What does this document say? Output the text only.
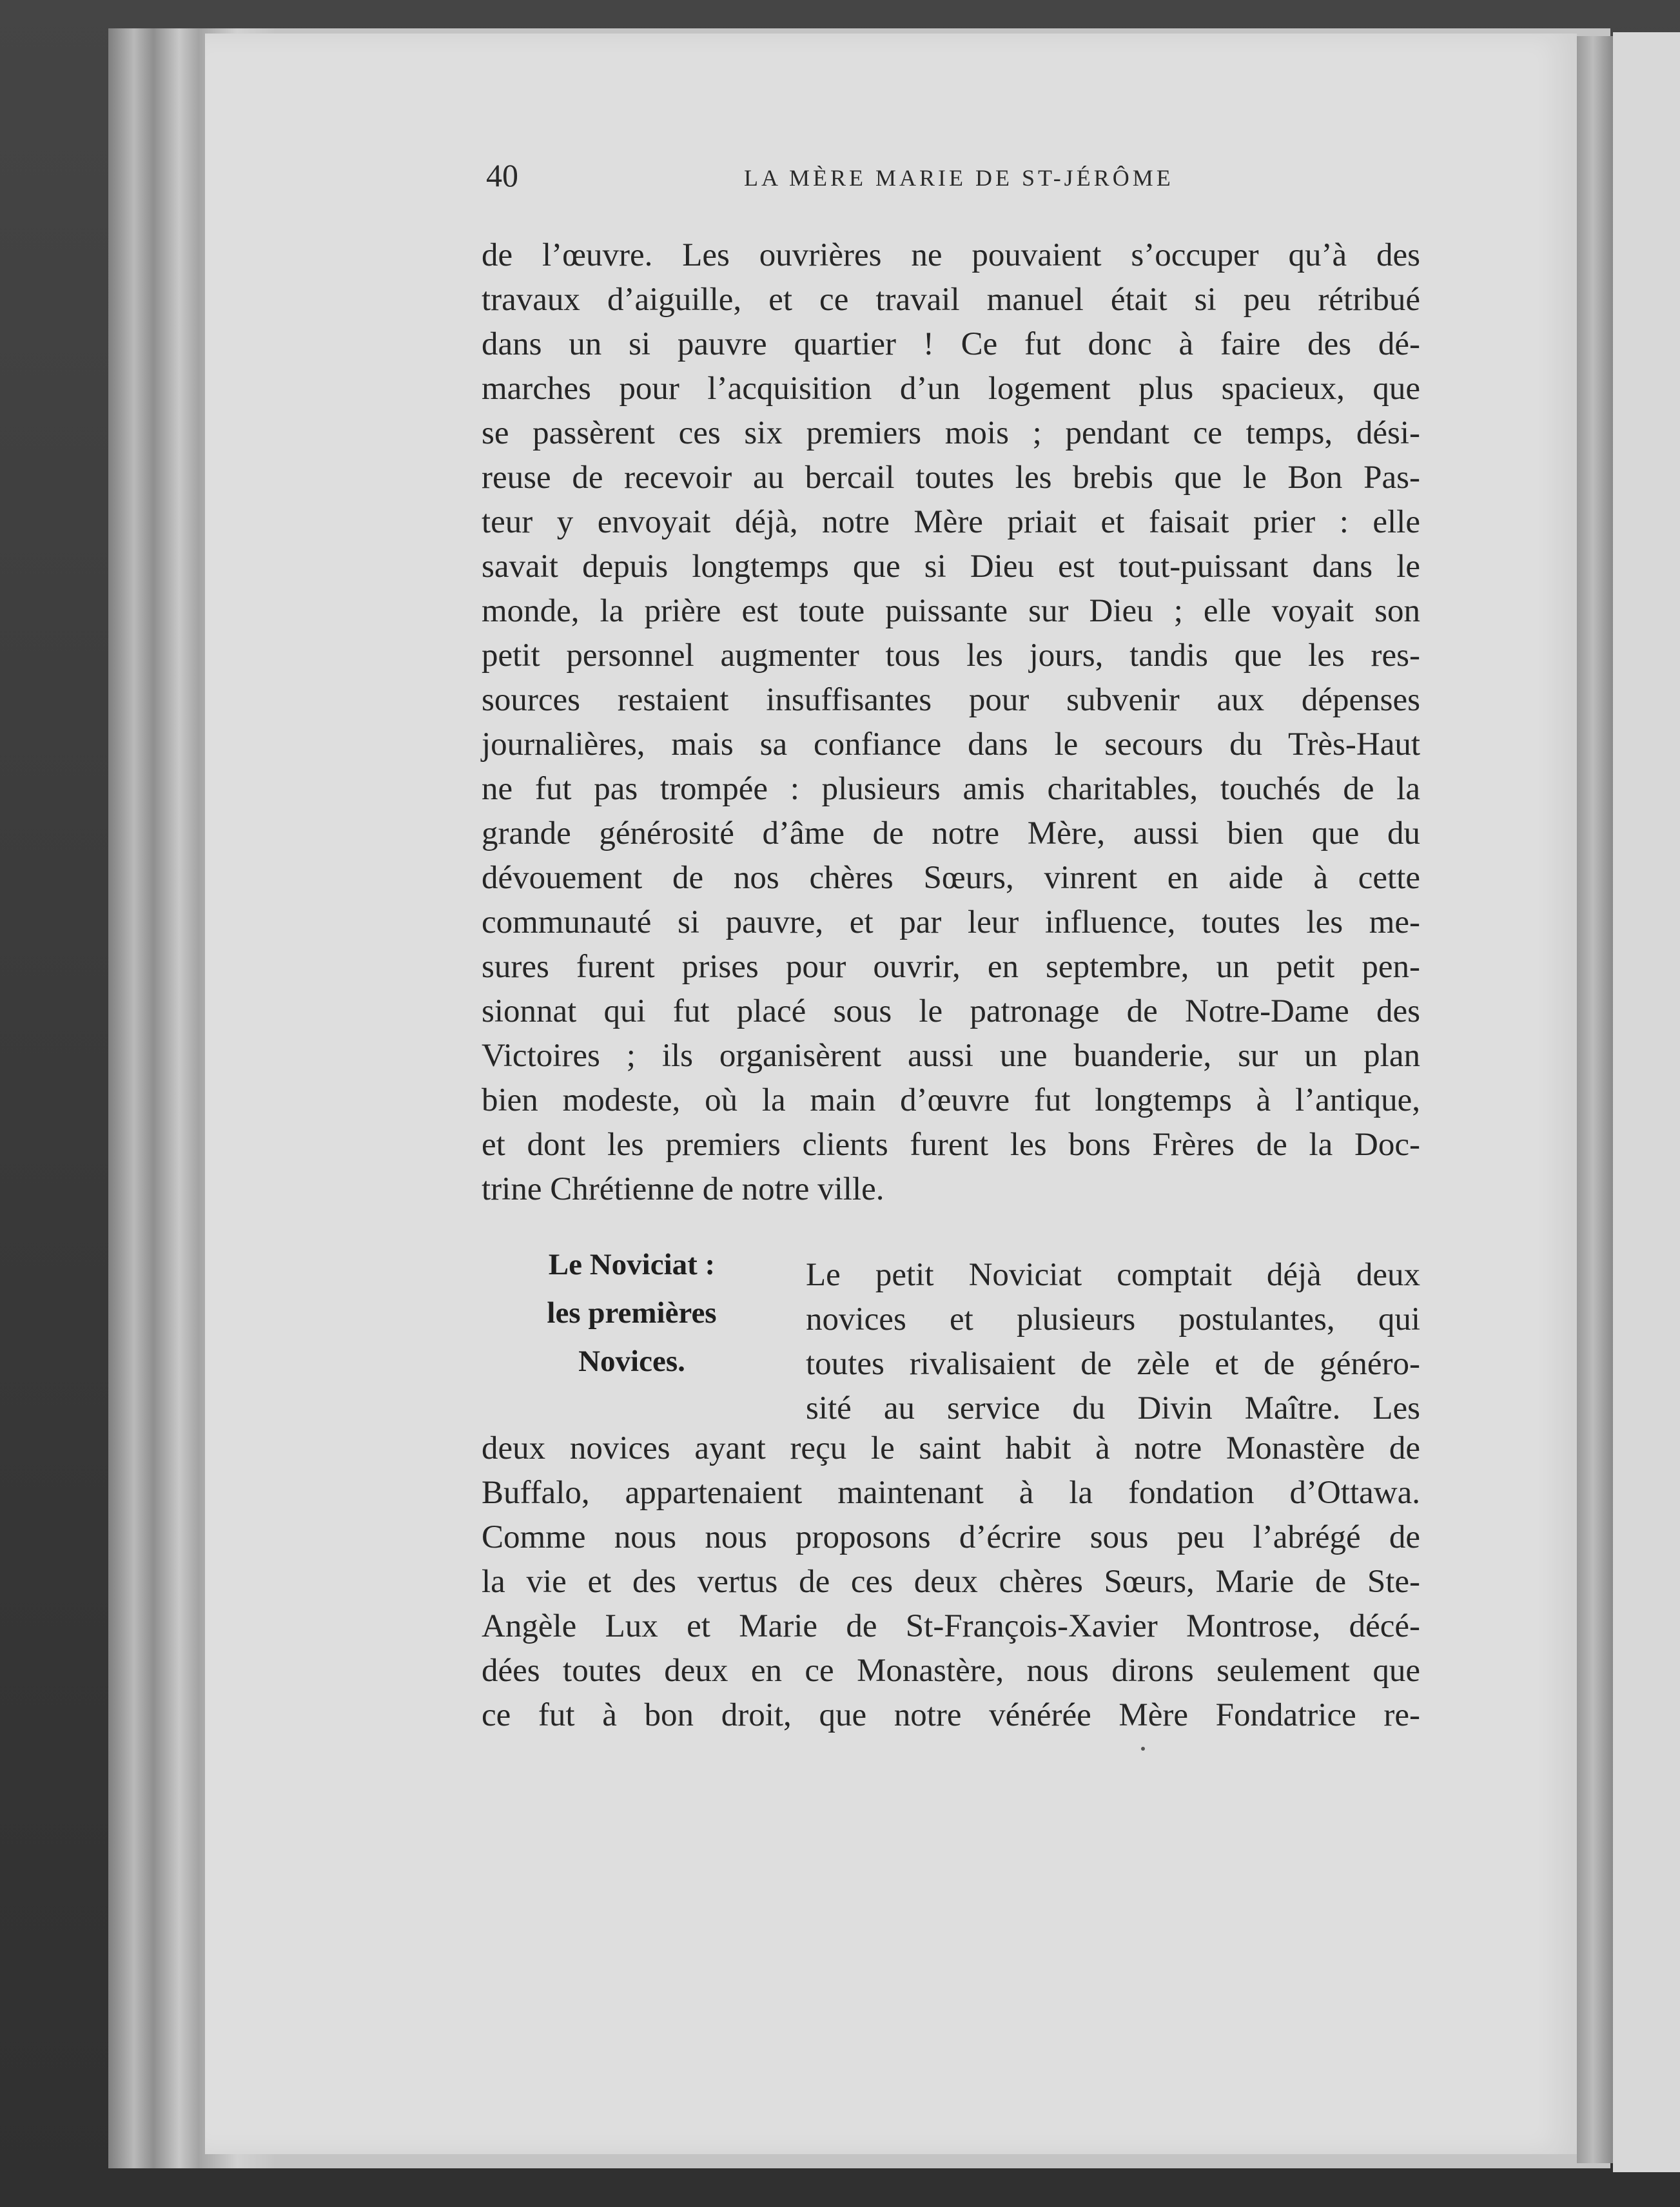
40	LA MÈRE MARIE DE ST-JÉRÔME
de l’œuvre. Les ouvrières ne pouvaient s’occuper qu’à des
travaux d’aiguille, et ce travail manuel était si peu rétribué
dans un si pauvre quartier ! Ce fut donc à faire des dé-
marches pour l’acquisition d’un logement plus spacieux, que
se passèrent ces six premiers mois ; pendant ce temps, dési-
reuse de recevoir au bercail toutes les brebis que le Bon Pas-
teur y envoyait déjà, notre Mère priait et faisait prier : elle
savait depuis longtemps que si Dieu est tout-puissant dans le
monde, la prière est toute puissante sur Dieu ; elle voyait son
petit personnel augmenter tous les jours, tandis que les res-
sources restaient insuffisantes pour subvenir aux dépenses
journalières, mais sa confiance dans le secours du Très-Haut
ne fut pas trompée : plusieurs amis charitables, touchés de la
grande générosité d’âme de notre Mère, aussi bien que du
dévouement de nos chères Sœurs, vinrent en aide à cette
communauté si pauvre, et par leur influence, toutes les me-
sures furent prises pour ouvrir, en septembre, un petit pen-
sionnat qui fut placé sous le patronage de Notre-Dame des
Victoires ; ils organisèrent aussi une buanderie, sur un plan
bien modeste, où la main d’œuvre fut longtemps à l’antique,
et dont les premiers clients furent les bons Frères de la Doc-
trine Chrétienne de notre ville.
Le Noviciat :
les premières
Novices.
Le petit Noviciat comptait déjà deux
novices et plusieurs postulantes, qui
toutes rivalisaient de zèle et de généro-
sité au service du Divin Maître. Les
deux novices ayant reçu le saint habit à notre Monastère de
Buffalo, appartenaient maintenant à la fondation d’Ottawa.
Comme nous nous proposons d’écrire sous peu l’abrégé de
la vie et des vertus de ces deux chères Sœurs, Marie de Ste-
Angèle Lux et Marie de St-François-Xavier Montrose, décé-
dées toutes deux en ce Monastère, nous dirons seulement que
ce fut à bon droit, que notre vénérée Mère Fondatrice re-
